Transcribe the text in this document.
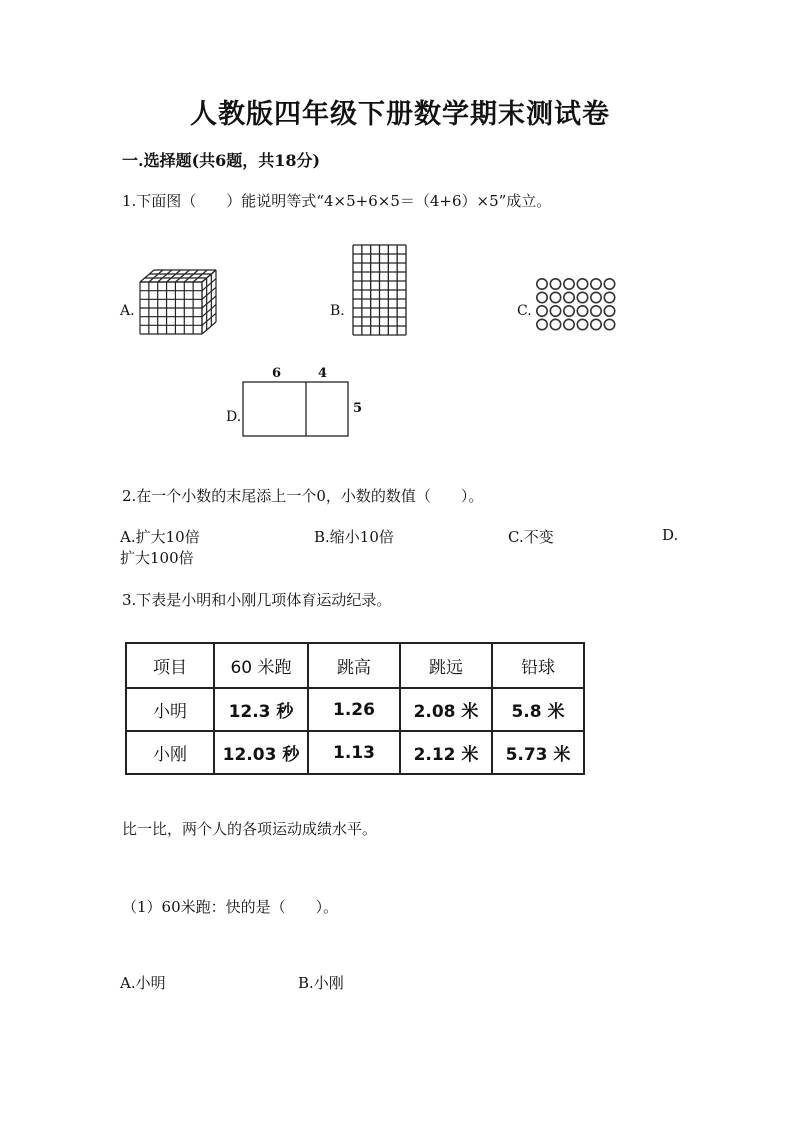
人教版四年级下册数学期末测试卷
一.选择题(共6题，共18分)
1.下面图（　　）能说明等式“4×5+6×5＝（4+6）×5”成立。
A.	B.	C.
D.
6	4
5
2.在一个小数的末尾添上一个0，小数的数值（　　）。
A.扩大10倍	B.缩小10倍	C.不变	D.
扩大100倍
3.下表是小明和小刚几项体育运动纪录。
项目	60 米跑	跳高	跳远	铅球
小明	12.3 秒	1.26	2.08 米	5.8 米
小刚	12.03 秒	1.13	2.12 米	5.73 米
比一比，两个人的各项运动成绩水平。
（1）60米跑：快的是（　　）。
A.小明	B.小刚
